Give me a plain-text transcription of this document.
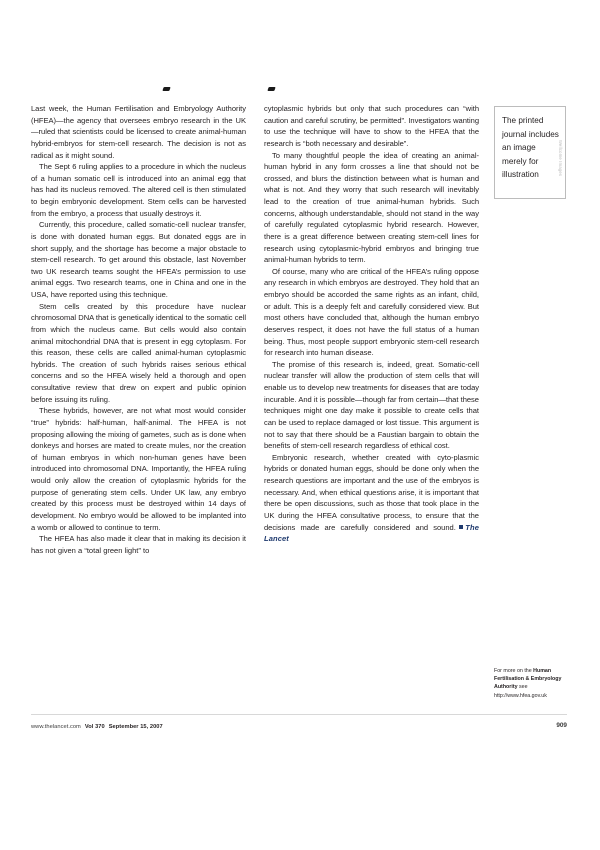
Last week, the Human Fertilisation and Embryology Authority (HFEA)—the agency that oversees embryo research in the UK—ruled that scientists could be licensed to create animal-human hybrid-embryos for stem-cell research. The decision is not as radical as it might sound.

The Sept 6 ruling applies to a procedure in which the nucleus of a human somatic cell is introduced into an animal egg that has had its nucleus removed. The altered cell is then stimulated to begin embryonic development. Stem cells can be harvested from the embryo, a process that usually destroys it.

Currently, this procedure, called somatic-cell nuclear transfer, is done with donated human eggs. But donated eggs are in short supply, and the shortage has become a major obstacle to stem-cell research. To get around this obstacle, last November two UK research teams sought the HFEA’s permission to use animal eggs. Two research teams, one in China and one in the USA, have reported using this technique.

Stem cells created by this procedure have nuclear chromosomal DNA that is genetically identical to the somatic cell from which the nucleus came. But cells would also contain animal mitochondrial DNA that is present in egg cytoplasm. For this reason, these cells are called animal-human cytoplasmic hybrids. The creation of such hybrids raises serious ethical concerns and so the HFEA wisely held a thorough and open consultative review that drew on expert and public opinion before issuing its ruling.

These hybrids, however, are not what most would consider “true” hybrids: half-human, half-animal. The HFEA is not proposing allowing the mixing of gametes, such as is done when donkeys and horses are mated to create mules, nor the creation of human embryos in which non-human genes have been introduced into chromosomal DNA. Importantly, the HFEA ruling would only allow the creation of cytoplasmic hybrids for the purpose of generating stem cells. Under UK law, any embryo created by this process must be destroyed within 14 days of development. No embryo would be allowed to be implanted into a womb or allowed to continue to term.

The HFEA has also made it clear that in making its decision it has not given a “total green light” to

cytoplasmic hybrids but only that such procedures can “with caution and careful scrutiny, be permitted”. Investigators wanting to use the technique will have to show to the HFEA that the research is “both necessary and desirable”.

To many thoughtful people the idea of creating an animal-human hybrid in any form crosses a line that should not be crossed, and blurs the distinction between what is human and what is not. And they worry that such research will inevitably lead to the creation of true animal-human hybrids. Such concerns, although understandable, should not stand in the way of carefully regulated cytoplasmic hybrid research. However, there is a great difference between creating stem-cell lines for research using cytoplasmic-hybrid embryos and bringing true animal-human hybrids to term.

Of course, many who are critical of the HFEA’s ruling oppose any research in which embryos are destroyed. They hold that an embryo should be accorded the same rights as an infant, child, or adult. This is a deeply felt and carefully considered view. But most others have concluded that, although the human embryo deserves respect, it does not have the full status of a human being. Thus, most people support embryonic stem-cell research for research into human disease.

The promise of this research is, indeed, great. Somatic-cell nuclear transfer will allow the production of stem cells that will enable us to develop new treatments for diseases that are today incurable. And it is possible—though far from certain—that these techniques might one day make it possible to create cells that can be used to replace damaged or lost tissue. This argument is not to say that there should be a Faustian bargain to obtain the benefits of stem-cell research regardless of ethical cost.

Embryonic research, whether created with cyto-plasmic hybrids or donated human eggs, should be done only when the research questions are important and the use of the embryos is necessary. And, when ethical questions arise, it is important that there be open discussions, such as those that took place in the UK during the HFEA consultative process, to ensure that the decisions made are carefully considered and sound. The Lancet

The printed journal includes an image merely for illustration	Wellcome Images
For more on the Human Fertilisation & Embryology Authority see http://www.hfea.gov.uk
www.thelancet.com Vol 370 September 15, 2007	909
